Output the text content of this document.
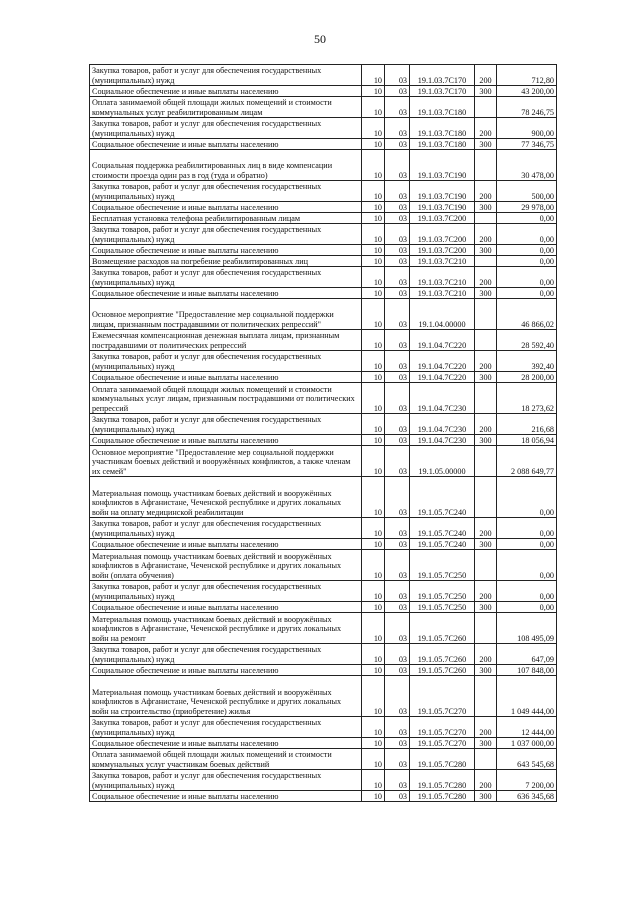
50
Закупка товаров, работ и услуг для обеспечения государственных (муниципальных) нужд	10	03	19.1.03.7С170	200	712,80
Социальное обеспечение и иные выплаты населению	10	03	19.1.03.7С170	300	43 200,00
Оплата занимаемой общей площади жилых помещений и стоимости коммунальных услуг реабилитированным лицам	10	03	19.1.03.7С180		78 246,75
Закупка товаров, работ и услуг для обеспечения государственных (муниципальных) нужд	10	03	19.1.03.7С180	200	900,00
Социальное обеспечение и иные выплаты населению	10	03	19.1.03.7С180	300	77 346,75
Социальная поддержка реабилитированных лиц в виде компенсации стоимости проезда один раз в год (туда и обратно)	10	03	19.1.03.7С190		30 478,00
Закупка товаров, работ и услуг для обеспечения государственных (муниципальных) нужд	10	03	19.1.03.7С190	200	500,00
Социальное обеспечение и иные выплаты населению	10	03	19.1.03.7С190	300	29 978,00
Бесплатная установка телефона реабилитированным лицам	10	03	19.1.03.7С200		0,00
Закупка товаров, работ и услуг для обеспечения государственных (муниципальных) нужд	10	03	19.1.03.7С200	200	0,00
Социальное обеспечение и иные выплаты населению	10	03	19.1.03.7С200	300	0,00
Возмещение расходов на погребение реабилитированных лиц	10	03	19.1.03.7С210		0,00
Закупка товаров, работ и услуг для обеспечения государственных (муниципальных) нужд	10	03	19.1.03.7С210	200	0,00
Социальное обеспечение и иные выплаты населению	10	03	19.1.03.7С210	300	0,00
Основное мероприятие "Предоставление мер социальной поддержки лицам, признанным пострадавшими от политических репрессий"	10	03	19.1.04.00000		46 866,02
Ежемесячная компенсационная денежная выплата лицам, признанным пострадавшими от политических репрессий	10	03	19.1.04.7С220		28 592,40
Закупка товаров, работ и услуг для обеспечения государственных (муниципальных) нужд	10	03	19.1.04.7С220	200	392,40
Социальное обеспечение и иные выплаты населению	10	03	19.1.04.7С220	300	28 200,00
Оплата занимаемой общей площади жилых помещений и стоимости коммунальных услуг лицам, признанным пострадавшими от политических репрессий	10	03	19.1.04.7С230		18 273,62
Закупка товаров, работ и услуг для обеспечения государственных (муниципальных) нужд	10	03	19.1.04.7С230	200	216,68
Социальное обеспечение и иные выплаты населению	10	03	19.1.04.7С230	300	18 056,94
Основное мероприятие "Предоставление мер социальной поддержки участникам боевых действий и вооружённых конфликтов, а также членам их семей"	10	03	19.1.05.00000		2 088 649,77
Материальная помощь участникам боевых действий и вооружённых конфликтов в Афганистане, Чеченской республике и других локальных войн на оплату медицинской реабилитации	10	03	19.1.05.7С240		0,00
Закупка товаров, работ и услуг для обеспечения государственных (муниципальных) нужд	10	03	19.1.05.7С240	200	0,00
Социальное обеспечение и иные выплаты населению	10	03	19.1.05.7С240	300	0,00
Материальная помощь участникам боевых действий и вооружённых конфликтов в Афганистане, Чеченской республике и других локальных войн (оплата обучения)	10	03	19.1.05.7С250		0,00
Закупка товаров, работ и услуг для обеспечения государственных (муниципальных) нужд	10	03	19.1.05.7С250	200	0,00
Социальное обеспечение и иные выплаты населению	10	03	19.1.05.7С250	300	0,00
Материальная помощь участникам боевых действий и вооружённых конфликтов в Афганистане, Чеченской республике и других локальных войн на ремонт	10	03	19.1.05.7С260		108 495,09
Закупка товаров, работ и услуг для обеспечения государственных (муниципальных) нужд	10	03	19.1.05.7С260	200	647,09
Социальное обеспечение и иные выплаты населению	10	03	19.1.05.7С260	300	107 848,00
Материальная помощь участникам боевых действий и вооружённых конфликтов в Афганистане, Чеченской республике и других локальных войн на строительство (приобретение) жилья	10	03	19.1.05.7С270		1 049 444,00
Закупка товаров, работ и услуг для обеспечения государственных (муниципальных) нужд	10	03	19.1.05.7С270	200	12 444,00
Социальное обеспечение и иные выплаты населению	10	03	19.1.05.7С270	300	1 037 000,00
Оплата занимаемой общей площади жилых помещений и стоимости коммунальных услуг участникам боевых действий	10	03	19.1.05.7С280		643 545,68
Закупка товаров, работ и услуг для обеспечения государственных (муниципальных) нужд	10	03	19.1.05.7С280	200	7 200,00
Социальное обеспечение и иные выплаты населению	10	03	19.1.05.7С280	300	636 345,68
